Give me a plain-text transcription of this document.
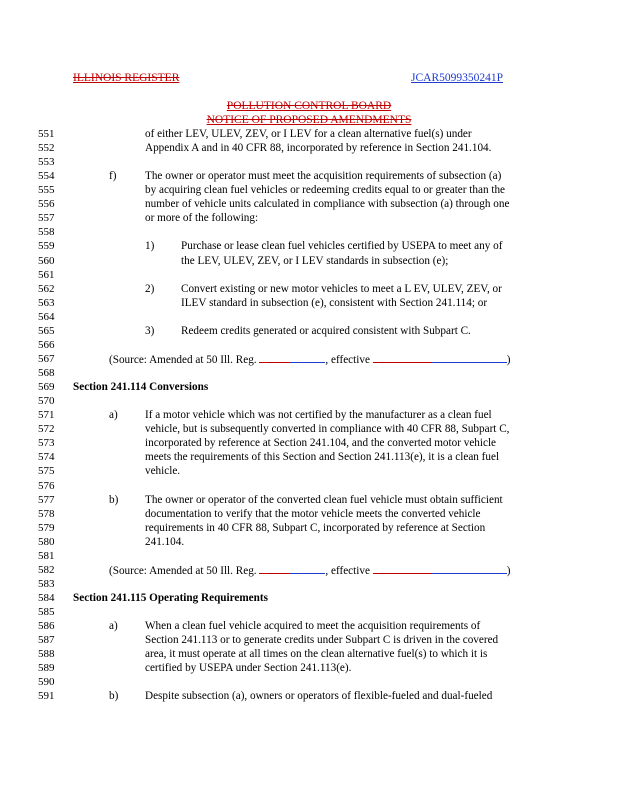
ILLINOIS REGISTER	JCAR5099350241P
POLLUTION CONTROL BOARD
NOTICE OF PROPOSED AMENDMENTS
551	of either LEV, ULEV, ZEV, or I LEV for a clean alternative fuel(s) under
552	Appendix A and in 40 CFR 88, incorporated by reference in Section 241.104.
553
554	f)	The owner or operator must meet the acquisition requirements of subsection (a)
555	by acquiring clean fuel vehicles or redeeming credits equal to or greater than the
556	number of vehicle units calculated in compliance with subsection (a) through one
557	or more of the following:
558
559	1) Purchase or lease clean fuel vehicles certified by USEPA to meet any of
560	the LEV, ULEV, ZEV, or I LEV standards in subsection (e);
561
562	2) Convert existing or new motor vehicles to meet a L EV, ULEV, ZEV, or
563	ILEV standard in subsection (e), consistent with Section 241.114; or
564
565	3) Redeem credits generated or acquired consistent with Subpart C.
566
567	(Source: Amended at 50 Ill. Reg.	, effective	)
568
569	Section 241.114 Conversions
570
571	a) If a motor vehicle which was not certified by the manufacturer as a clean fuel
572	vehicle, but is subsequently converted in compliance with 40 CFR 88, Subpart C,
573	incorporated by reference at Section 241.104, and the converted motor vehicle
574	meets the requirements of this Section and Section 241.113(e), it is a clean fuel
575	vehicle.
576
577	b) The owner or operator of the converted clean fuel vehicle must obtain sufficient
578	documentation to verify that the motor vehicle meets the converted vehicle
579	requirements in 40 CFR 88, Subpart C, incorporated by reference at Section
580	241.104.
581
582	(Source: Amended at 50 Ill. Reg.	, effective	)
583
584	Section 241.115 Operating Requirements
585
586	a) When a clean fuel vehicle acquired to meet the acquisition requirements of
587	Section 241.113 or to generate credits under Subpart C is driven in the covered
588	area, it must operate at all times on the clean alternative fuel(s) to which it is
589	certified by USEPA under Section 241.113(e).
590
591	b) Despite subsection (a), owners or operators of flexible-fueled and dual-fueled
